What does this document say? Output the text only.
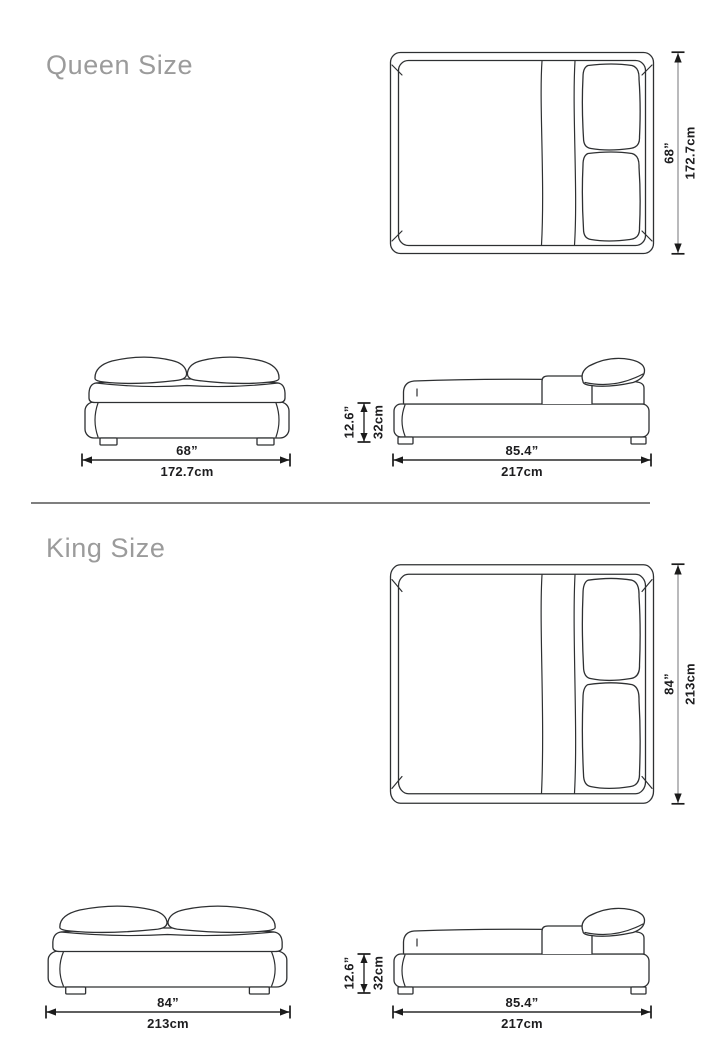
Queen Size
68” 172.7cm
68”
172.7cm
12.6” 32cm
85.4”
217cm
King Size
84” 213cm
84”
213cm
12.6” 32cm
85.4”
217cm
